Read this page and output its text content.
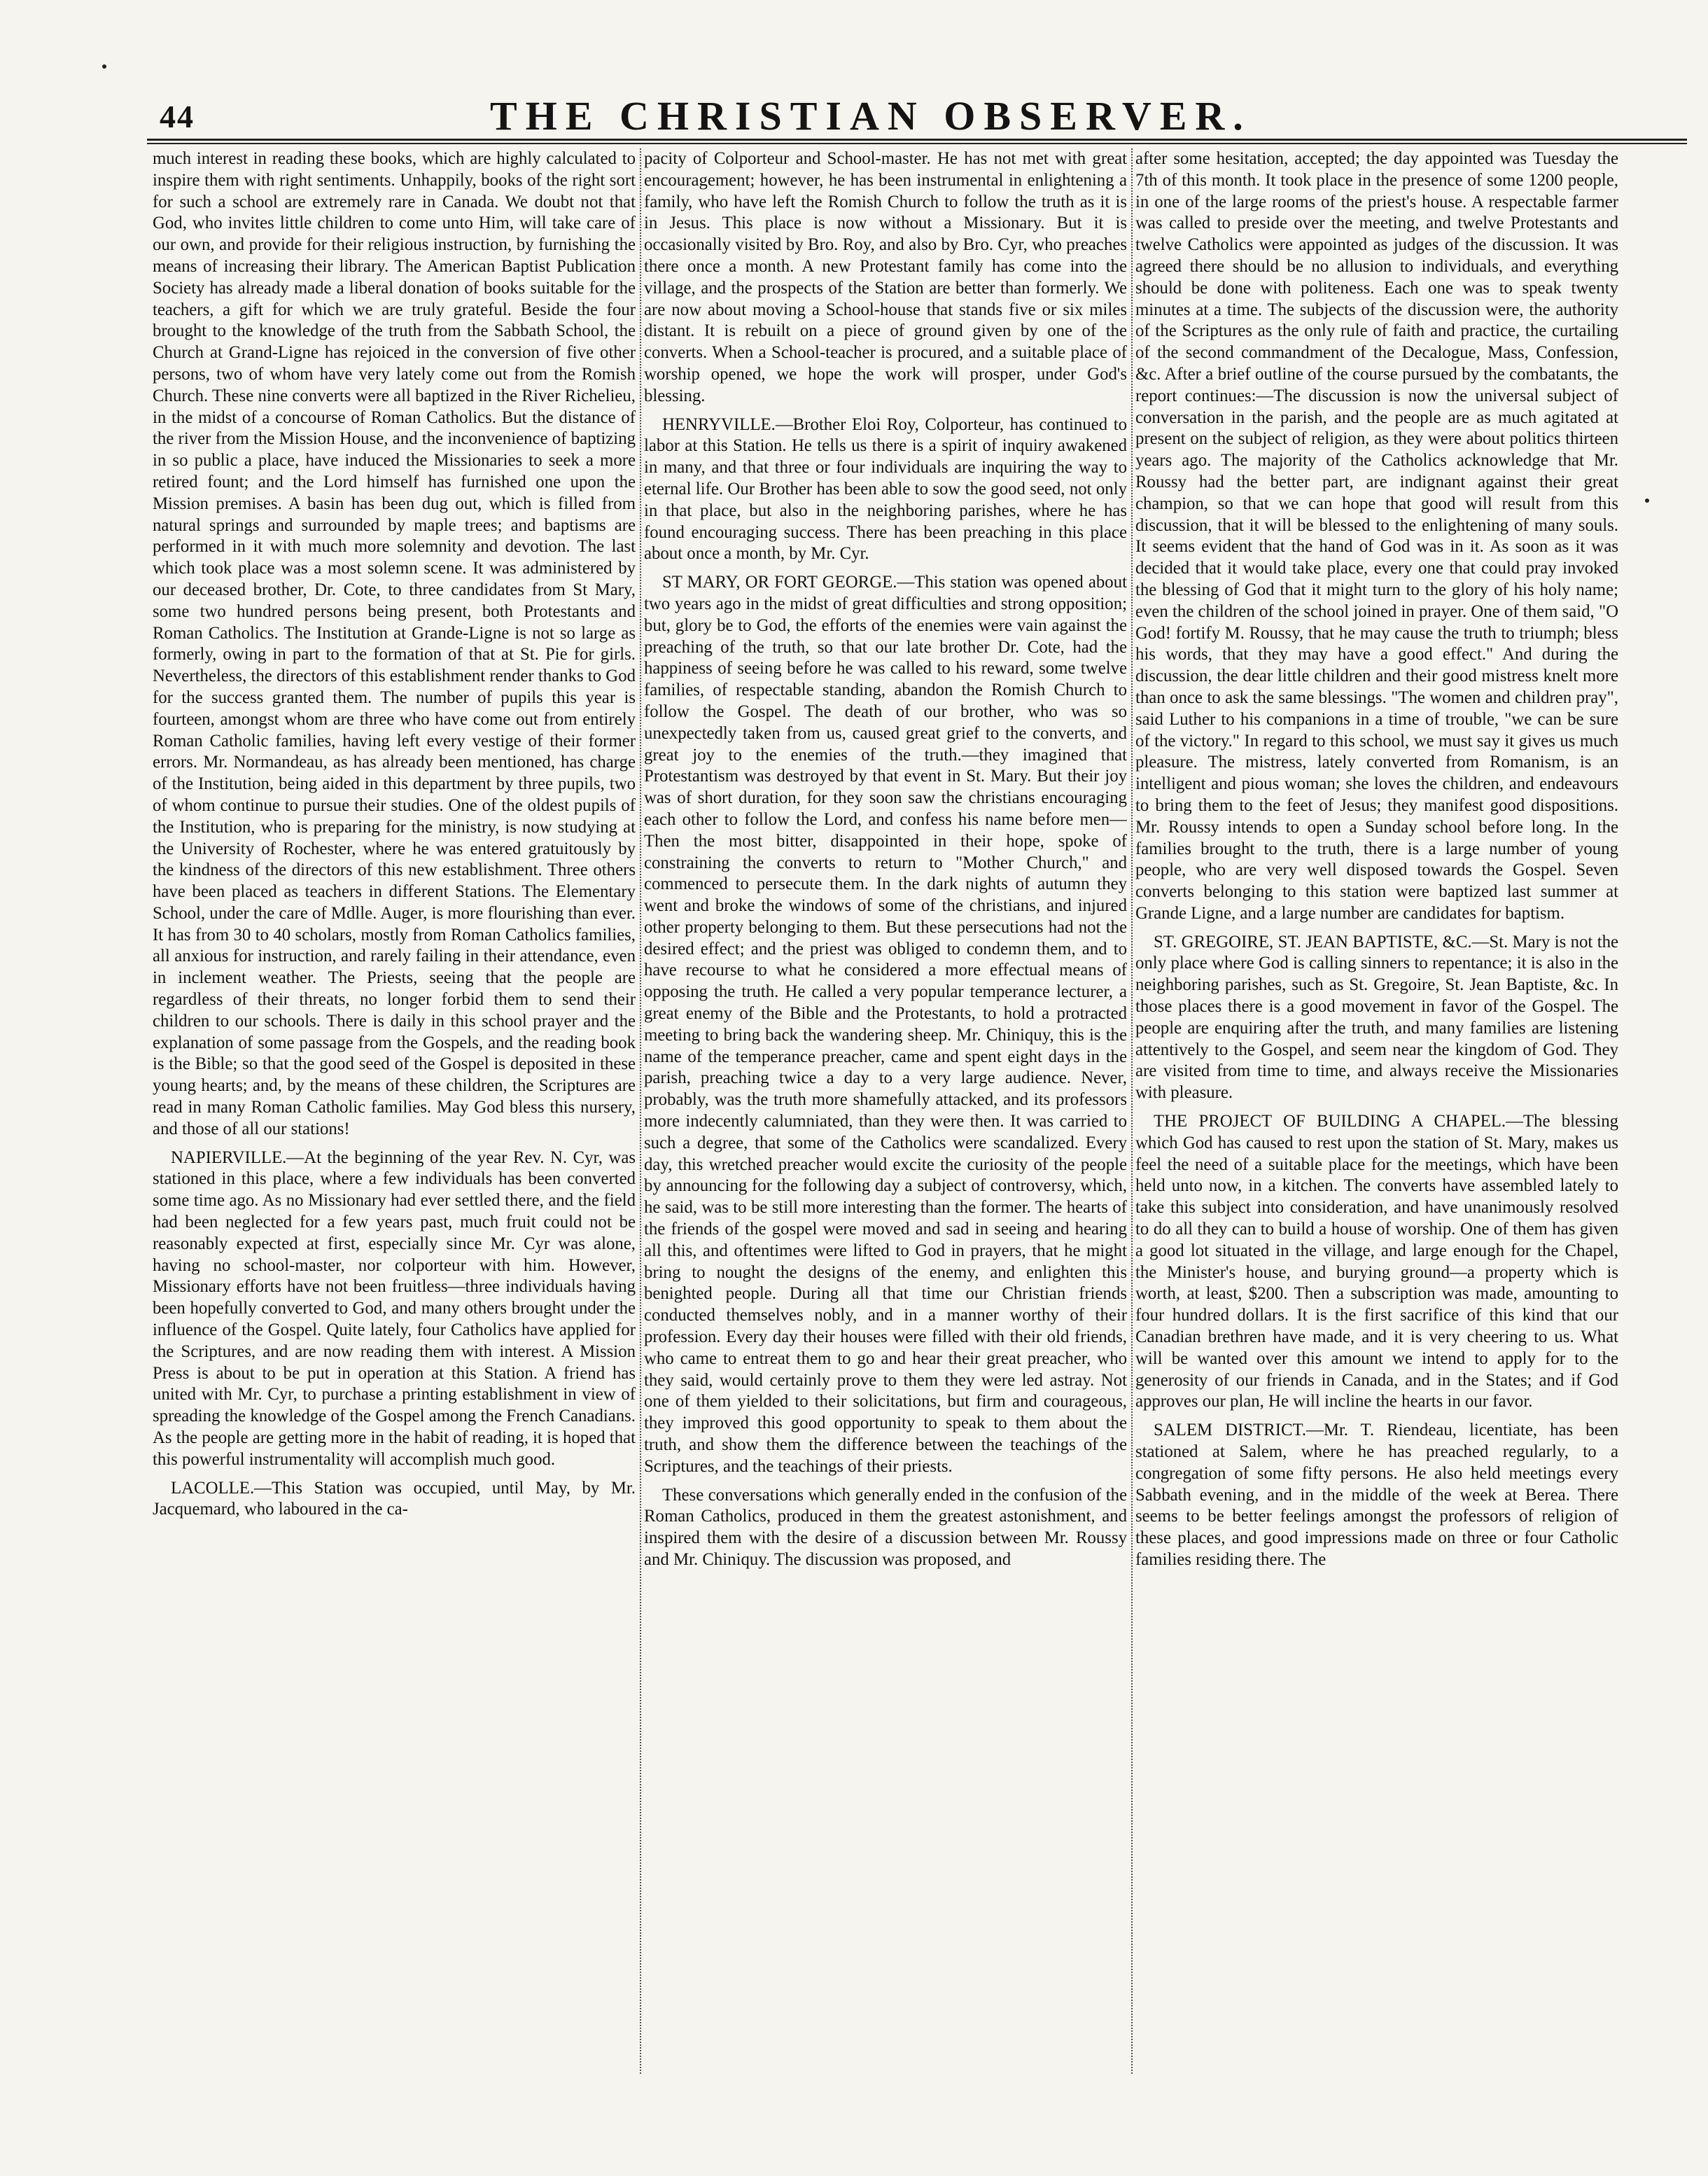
44	THE CHRISTIAN OBSERVER.

much interest in reading these books, which are highly calculated to inspire them with right sentiments. Unhappily, books of the right sort for such a school are extremely rare in Canada. We doubt not that God, who invites little children to come unto Him, will take care of our own, and provide for their religious instruction, by furnishing the means of increasing their library. The American Baptist Publication Society has already made a liberal donation of books suitable for the teachers, a gift for which we are truly grateful. Beside the four brought to the knowledge of the truth from the Sabbath School, the Church at Grand-Ligne has rejoiced in the conversion of five other persons, two of whom have very lately come out from the Romish Church. These nine converts were all baptized in the River Richelieu, in the midst of a concourse of Roman Catholics. But the distance of the river from the Mission House, and the inconvenience of baptizing in so public a place, have induced the Missionaries to seek a more retired fount; and the Lord himself has furnished one upon the Mission premises. A basin has been dug out, which is filled from natural springs and surrounded by maple trees; and baptisms are performed in it with much more solemnity and devotion. The last which took place was a most solemn scene. It was administered by our deceased brother, Dr. Cote, to three candidates from St Mary, some two hundred persons being present, both Protestants and Roman Catholics. The Institution at Grande-Ligne is not so large as formerly, owing in part to the formation of that at St. Pie for girls. Nevertheless, the directors of this establishment render thanks to God for the success granted them. The number of pupils this year is fourteen, amongst whom are three who have come out from entirely Roman Catholic families, having left every vestige of their former errors. Mr. Normandeau, as has already been mentioned, has charge of the Institution, being aided in this department by three pupils, two of whom continue to pursue their studies. One of the oldest pupils of the Institution, who is preparing for the ministry, is now studying at the University of Rochester, where he was entered gratuitously by the kindness of the directors of this new establishment. Three others have been placed as teachers in different Stations. The Elementary School, under the care of Mdlle. Auger, is more flourishing than ever. It has from 30 to 40 scholars, mostly from Roman Catholics families, all anxious for instruction, and rarely failing in their attendance, even in inclement weather. The Priests, seeing that the people are regardless of their threats, no longer forbid them to send their children to our schools. There is daily in this school prayer and the explanation of some passage from the Gospels, and the reading book is the Bible; so that the good seed of the Gospel is deposited in these young hearts; and, by the means of these children, the Scriptures are read in many Roman Catholic families. May God bless this nursery, and those of all our stations!

NAPIERVILLE.—At the beginning of the year Rev. N. Cyr, was stationed in this place, where a few individuals has been converted some time ago. As no Missionary had ever settled there, and the field had been neglected for a few years past, much fruit could not be reasonably expected at first, especially since Mr. Cyr was alone, having no school-master, nor colporteur with him. However, Missionary efforts have not been fruitless—three individuals having been hopefully converted to God, and many others brought under the influence of the Gospel. Quite lately, four Catholics have applied for the Scriptures, and are now reading them with interest. A Mission Press is about to be put in operation at this Station. A friend has united with Mr. Cyr, to purchase a printing establishment in view of spreading the knowledge of the Gospel among the French Canadians. As the people are getting more in the habit of reading, it is hoped that this powerful instrumentality will accomplish much good.

LACOLLE.—This Station was occupied, until May, by Mr. Jacquemard, who laboured in the ca-

pacity of Colporteur and School-master. He has not met with great encouragement; however, he has been instrumental in enlightening a family, who have left the Romish Church to follow the truth as it is in Jesus. This place is now without a Missionary. But it is occasionally visited by Bro. Roy, and also by Bro. Cyr, who preaches there once a month. A new Protestant family has come into the village, and the prospects of the Station are better than formerly. We are now about moving a School-house that stands five or six miles distant. It is rebuilt on a piece of ground given by one of the converts. When a School-teacher is procured, and a suitable place of worship opened, we hope the work will prosper, under God's blessing.

HENRYVILLE.—Brother Eloi Roy, Colporteur, has continued to labor at this Station. He tells us there is a spirit of inquiry awakened in many, and that three or four individuals are inquiring the way to eternal life. Our Brother has been able to sow the good seed, not only in that place, but also in the neighboring parishes, where he has found encouraging success. There has been preaching in this place about once a month, by Mr. Cyr.

ST MARY, OR FORT GEORGE.—This station was opened about two years ago in the midst of great difficulties and strong opposition; but, glory be to God, the efforts of the enemies were vain against the preaching of the truth, so that our late brother Dr. Cote, had the happiness of seeing before he was called to his reward, some twelve families, of respectable standing, abandon the Romish Church to follow the Gospel. The death of our brother, who was so unexpectedly taken from us, caused great grief to the converts, and great joy to the enemies of the truth.—they imagined that Protestantism was destroyed by that event in St. Mary. But their joy was of short duration, for they soon saw the christians encouraging each other to follow the Lord, and confess his name before men—Then the most bitter, disappointed in their hope, spoke of constraining the converts to return to "Mother Church," and commenced to persecute them. In the dark nights of autumn they went and broke the windows of some of the christians, and injured other property belonging to them. But these persecutions had not the desired effect; and the priest was obliged to condemn them, and to have recourse to what he considered a more effectual means of opposing the truth. He called a very popular temperance lecturer, a great enemy of the Bible and the Protestants, to hold a protracted meeting to bring back the wandering sheep. Mr. Chiniquy, this is the name of the temperance preacher, came and spent eight days in the parish, preaching twice a day to a very large audience. Never, probably, was the truth more shamefully attacked, and its professors more indecently calumniated, than they were then. It was carried to such a degree, that some of the Catholics were scandalized. Every day, this wretched preacher would excite the curiosity of the people by announcing for the following day a subject of controversy, which, he said, was to be still more interesting than the former. The hearts of the friends of the gospel were moved and sad in seeing and hearing all this, and oftentimes were lifted to God in prayers, that he might bring to nought the designs of the enemy, and enlighten this benighted people. During all that time our Christian friends conducted themselves nobly, and in a manner worthy of their profession. Every day their houses were filled with their old friends, who came to entreat them to go and hear their great preacher, who they said, would certainly prove to them they were led astray. Not one of them yielded to their solicitations, but firm and courageous, they improved this good opportunity to speak to them about the truth, and show them the difference between the teachings of the Scriptures, and the teachings of their priests.

These conversations which generally ended in the confusion of the Roman Catholics, produced in them the greatest astonishment, and inspired them with the desire of a discussion between Mr. Roussy and Mr. Chiniquy. The discussion was proposed, and

after some hesitation, accepted; the day appointed was Tuesday the 7th of this month. It took place in the presence of some 1200 people, in one of the large rooms of the priest's house. A respectable farmer was called to preside over the meeting, and twelve Protestants and twelve Catholics were appointed as judges of the discussion. It was agreed there should be no allusion to individuals, and everything should be done with politeness. Each one was to speak twenty minutes at a time. The subjects of the discussion were, the authority of the Scriptures as the only rule of faith and practice, the curtailing of the second commandment of the Decalogue, Mass, Confession, &c. After a brief outline of the course pursued by the combatants, the report continues:—The discussion is now the universal subject of conversation in the parish, and the people are as much agitated at present on the subject of religion, as they were about politics thirteen years ago. The majority of the Catholics acknowledge that Mr. Roussy had the better part, are indignant against their great champion, so that we can hope that good will result from this discussion, that it will be blessed to the enlightening of many souls. It seems evident that the hand of God was in it. As soon as it was decided that it would take place, every one that could pray invoked the blessing of God that it might turn to the glory of his holy name; even the children of the school joined in prayer. One of them said, "O God! fortify M. Roussy, that he may cause the truth to triumph; bless his words, that they may have a good effect." And during the discussion, the dear little children and their good mistress knelt more than once to ask the same blessings. "The women and children pray", said Luther to his companions in a time of trouble, "we can be sure of the victory." In regard to this school, we must say it gives us much pleasure. The mistress, lately converted from Romanism, is an intelligent and pious woman; she loves the children, and endeavours to bring them to the feet of Jesus; they manifest good dispositions. Mr. Roussy intends to open a Sunday school before long. In the families brought to the truth, there is a large number of young people, who are very well disposed towards the Gospel. Seven converts belonging to this station were baptized last summer at Grande Ligne, and a large number are candidates for baptism.

ST. GREGOIRE, ST. JEAN BAPTISTE, &C.—St. Mary is not the only place where God is calling sinners to repentance; it is also in the neighboring parishes, such as St. Gregoire, St. Jean Baptiste, &c. In those places there is a good movement in favor of the Gospel. The people are enquiring after the truth, and many families are listening attentively to the Gospel, and seem near the kingdom of God. They are visited from time to time, and always receive the Missionaries with pleasure.

THE PROJECT OF BUILDING A CHAPEL.—The blessing which God has caused to rest upon the station of St. Mary, makes us feel the need of a suitable place for the meetings, which have been held unto now, in a kitchen. The converts have assembled lately to take this subject into consideration, and have unanimously resolved to do all they can to build a house of worship. One of them has given a good lot situated in the village, and large enough for the Chapel, the Minister's house, and burying ground—a property which is worth, at least, $200. Then a subscription was made, amounting to four hundred dollars. It is the first sacrifice of this kind that our Canadian brethren have made, and it is very cheering to us. What will be wanted over this amount we intend to apply for to the generosity of our friends in Canada, and in the States; and if God approves our plan, He will incline the hearts in our favor.

SALEM DISTRICT.—Mr. T. Riendeau, licentiate, has been stationed at Salem, where he has preached regularly, to a congregation of some fifty persons. He also held meetings every Sabbath evening, and in the middle of the week at Berea. There seems to be better feelings amongst the professors of religion of these places, and good impressions made on three or four Catholic families residing there. The
